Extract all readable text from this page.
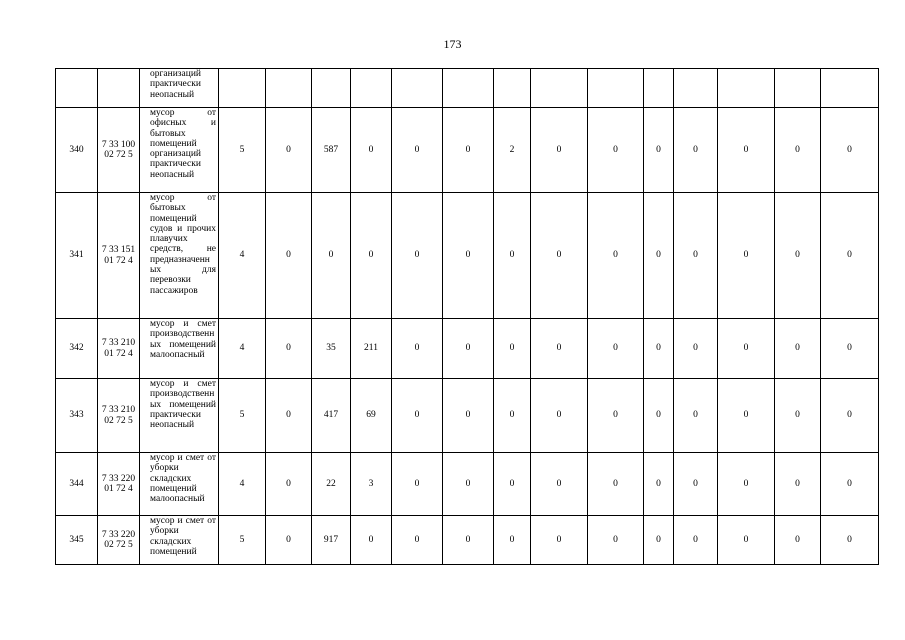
173
		организаций практически неопасный														
340	7 33 100 02 72 5	мусор от офисных и бытовых помещений организаций практически неопасный	5	0	587	0	0	0	2	0	0	0	0	0	0	0
341	7 33 151 01 72 4	мусор от бытовых помещений судов и прочих плавучих средств, не предназначенных для перевозки пассажиров	4	0	0	0	0	0	0	0	0	0	0	0	0	0
342	7 33 210 01 72 4	мусор и смет производственных помещений малоопасный	4	0	35	211	0	0	0	0	0	0	0	0	0	0
343	7 33 210 02 72 5	мусор и смет производственных помещений практически неопасный	5	0	417	69	0	0	0	0	0	0	0	0	0	0
344	7 33 220 01 72 4	мусор и смет от уборки складских помещений малоопасный	4	0	22	3	0	0	0	0	0	0	0	0	0	0
345	7 33 220 02 72 5	мусор и смет от уборки складских помещений	5	0	917	0	0	0	0	0	0	0	0	0	0	0
